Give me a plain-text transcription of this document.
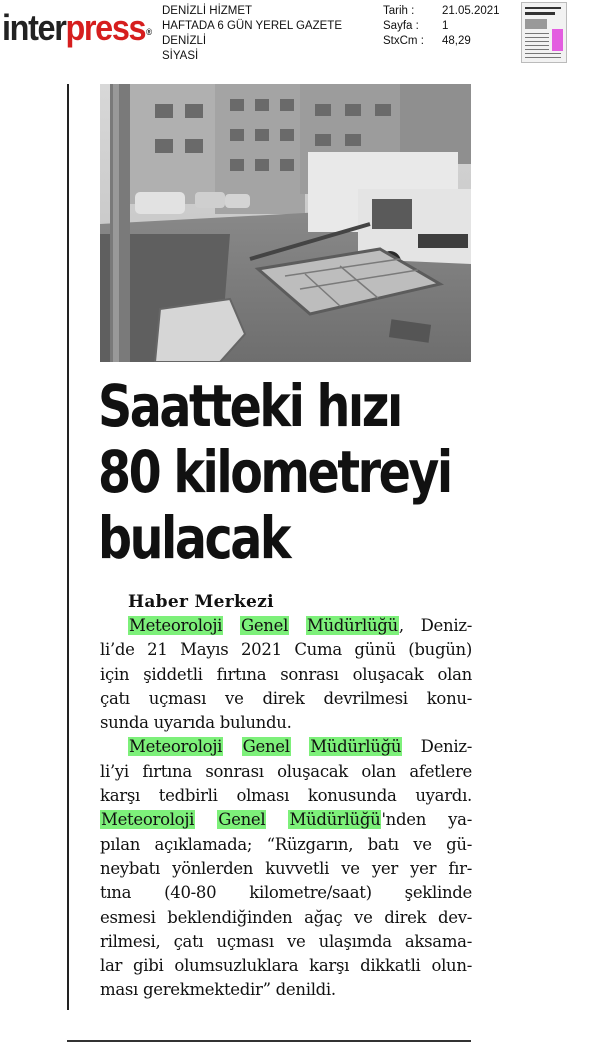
interpress®
DENİZLİ HİZMET
HAFTADA 6 GÜN YEREL GAZETE
DENİZLİ
SİYASİ
Tarih :
Sayfa :
StxCm :
21.05.2021
1
48,29
Saatteki hızı
80 kilometreyi
bulacak
Haber Merkezi
Meteoroloji Genel Müdürlüğü, Deniz-
li’de 21 Mayıs 2021 Cuma günü (bugün)
için şiddetli fırtına sonrası oluşacak olan
çatı uçması ve direk devrilmesi konu-
sunda uyarıda bulundu.
Meteoroloji Genel Müdürlüğü Deniz-
li’yi fırtına sonrası oluşacak olan afetlere
karşı tedbirli olması konusunda uyardı.
Meteoroloji Genel Müdürlüğü'nden ya-
pılan açıklamada; “Rüzgarın, batı ve gü-
neybatı yönlerden kuvvetli ve yer yer fır-
tına (40-80 kilometre/saat) şeklinde
esmesi beklendiğinden ağaç ve direk dev-
rilmesi, çatı uçması ve ulaşımda aksama-
lar gibi olumsuzluklara karşı dikkatli olun-
ması gerekmektedir” denildi.
